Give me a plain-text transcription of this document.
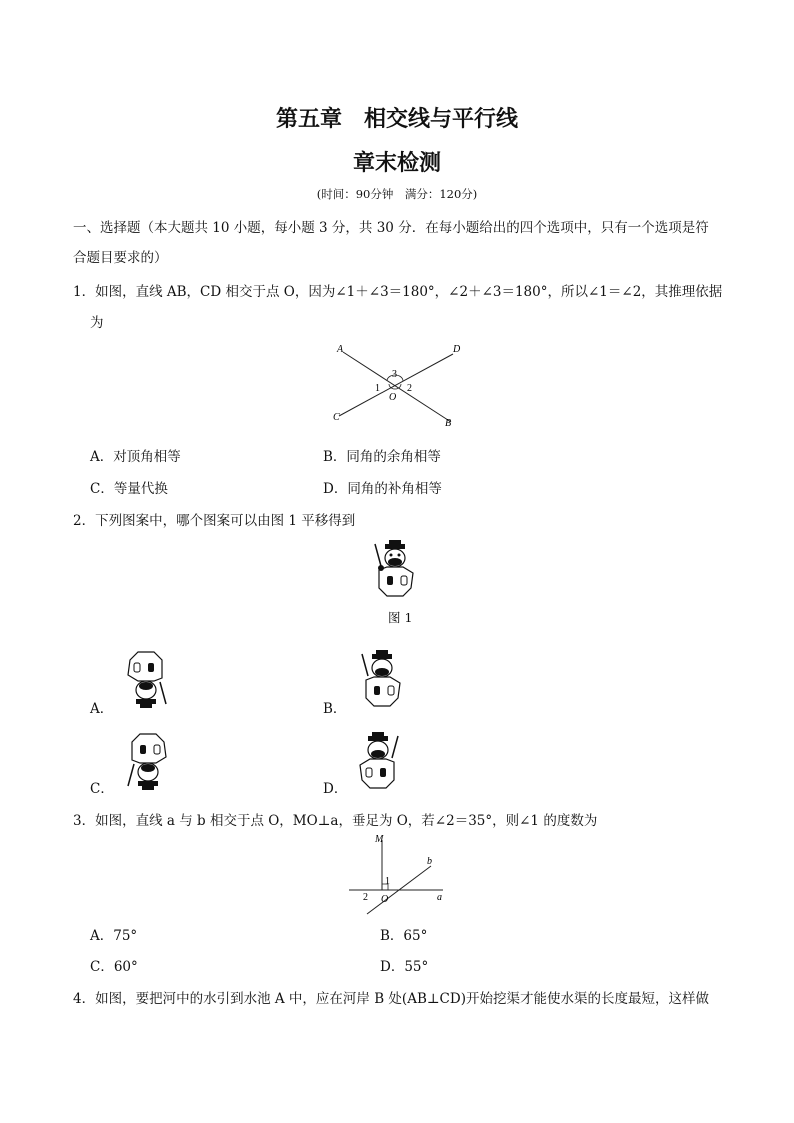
第五章　相交线与平行线
章末检测
(时间：90分钟　满分：120分)
一、选择题（本大题共 10 小题，每小题 3 分，共 30 分．在每小题给出的四个选项中，只有一个选项是符
合题目要求的）
1．如图，直线 AB，CD 相交于点 O，因为∠1＋∠3＝180°，∠2＋∠3＝180°，所以∠1＝∠2，其推理依据
为
A	D
C
B
O
1	2
3
A．对顶角相等	B．同角的余角相等
C．等量代换	D．同角的补角相等
2．下列图案中，哪个图案可以由图 1 平移得到
图 1
A．	B．
C．	D．
3．如图，直线 a 与 b 相交于点 O，MO⊥a，垂足为 O，若∠2＝35°，则∠1 的度数为
M
b
a
O
1
2
A．75°	B．65°
C．60°	D．55°
4．如图，要把河中的水引到水池 A 中，应在河岸 B 处(AB⊥CD)开始挖渠才能使水渠的长度最短，这样做
